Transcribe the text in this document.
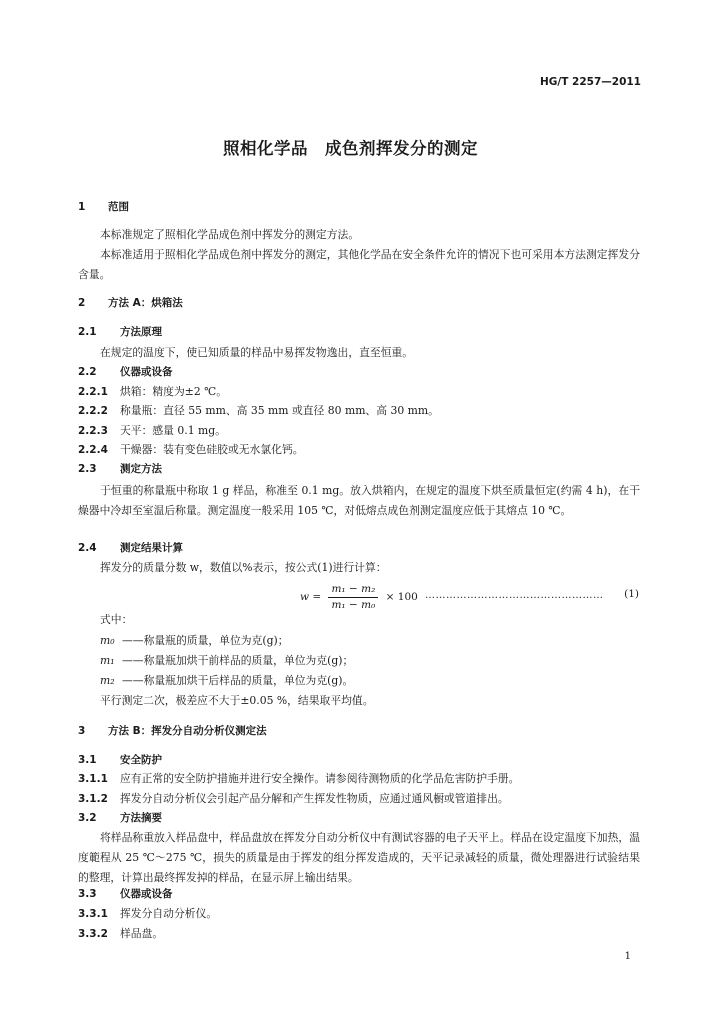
HG/T 2257—2011
照相化学品　成色剂挥发分的测定
1 范围
本标准规定了照相化学品成色剂中挥发分的测定方法。
本标准适用于照相化学品成色剂中挥发分的测定，其他化学品在安全条件允许的情况下也可采用本方法测定挥发分含量。
2 方法 A：烘箱法
2.1 方法原理
在规定的温度下，使已知质量的样品中易挥发物逸出，直至恒重。
2.2 仪器或设备
2.2.1 烘箱：精度为±2 ℃。
2.2.2 称量瓶：直径 55 mm、高 35 mm 或直径 80 mm、高 30 mm。
2.2.3 天平：感量 0.1 mg。
2.2.4 干燥器：装有变色硅胶或无水氯化钙。
2.3 测定方法
于恒重的称量瓶中称取 1 g 样品，称准至 0.1 mg。放入烘箱内，在规定的温度下烘至质量恒定(约需 4 h)，在干燥器中冷却至室温后称量。测定温度一般采用 105 ℃，对低熔点成色剂测定温度应低于其熔点 10 ℃。
2.4 测定结果计算
挥发分的质量分数 w，数值以%表示，按公式(1)进行计算：
$w = \frac{\text{m₁ − m₂}}{\text{m₁ − m₀}} \times 100$ …………………………………………… (1)
式中：
m₀ ——称量瓶的质量，单位为克(g)；
m₁ ——称量瓶加烘干前样品的质量，单位为克(g)；
m₂ ——称量瓶加烘干后样品的质量，单位为克(g)。
平行测定二次，极差应不大于±0.05 %，结果取平均值。
3 方法 B：挥发分自动分析仪测定法
3.1 安全防护
3.1.1 应有正常的安全防护措施并进行安全操作。请参阅待测物质的化学品危害防护手册。
3.1.2 挥发分自动分析仪会引起产品分解和产生挥发性物质，应通过通风橱或管道排出。
3.2 方法摘要
将样品称重放入样品盘中，样品盘放在挥发分自动分析仪中有测试容器的电子天平上。样品在设定温度下加热，温度範程从 25 ℃～275 ℃，损失的质量是由于挥发的组分挥发造成的，天平记录减轻的质量，微处理器进行试验结果的整理，计算出最终挥发掉的样品，在显示屏上输出结果。
3.3 仪器或设备
3.3.1 挥发分自动分析仪。
3.3.2 样品盘。
1
